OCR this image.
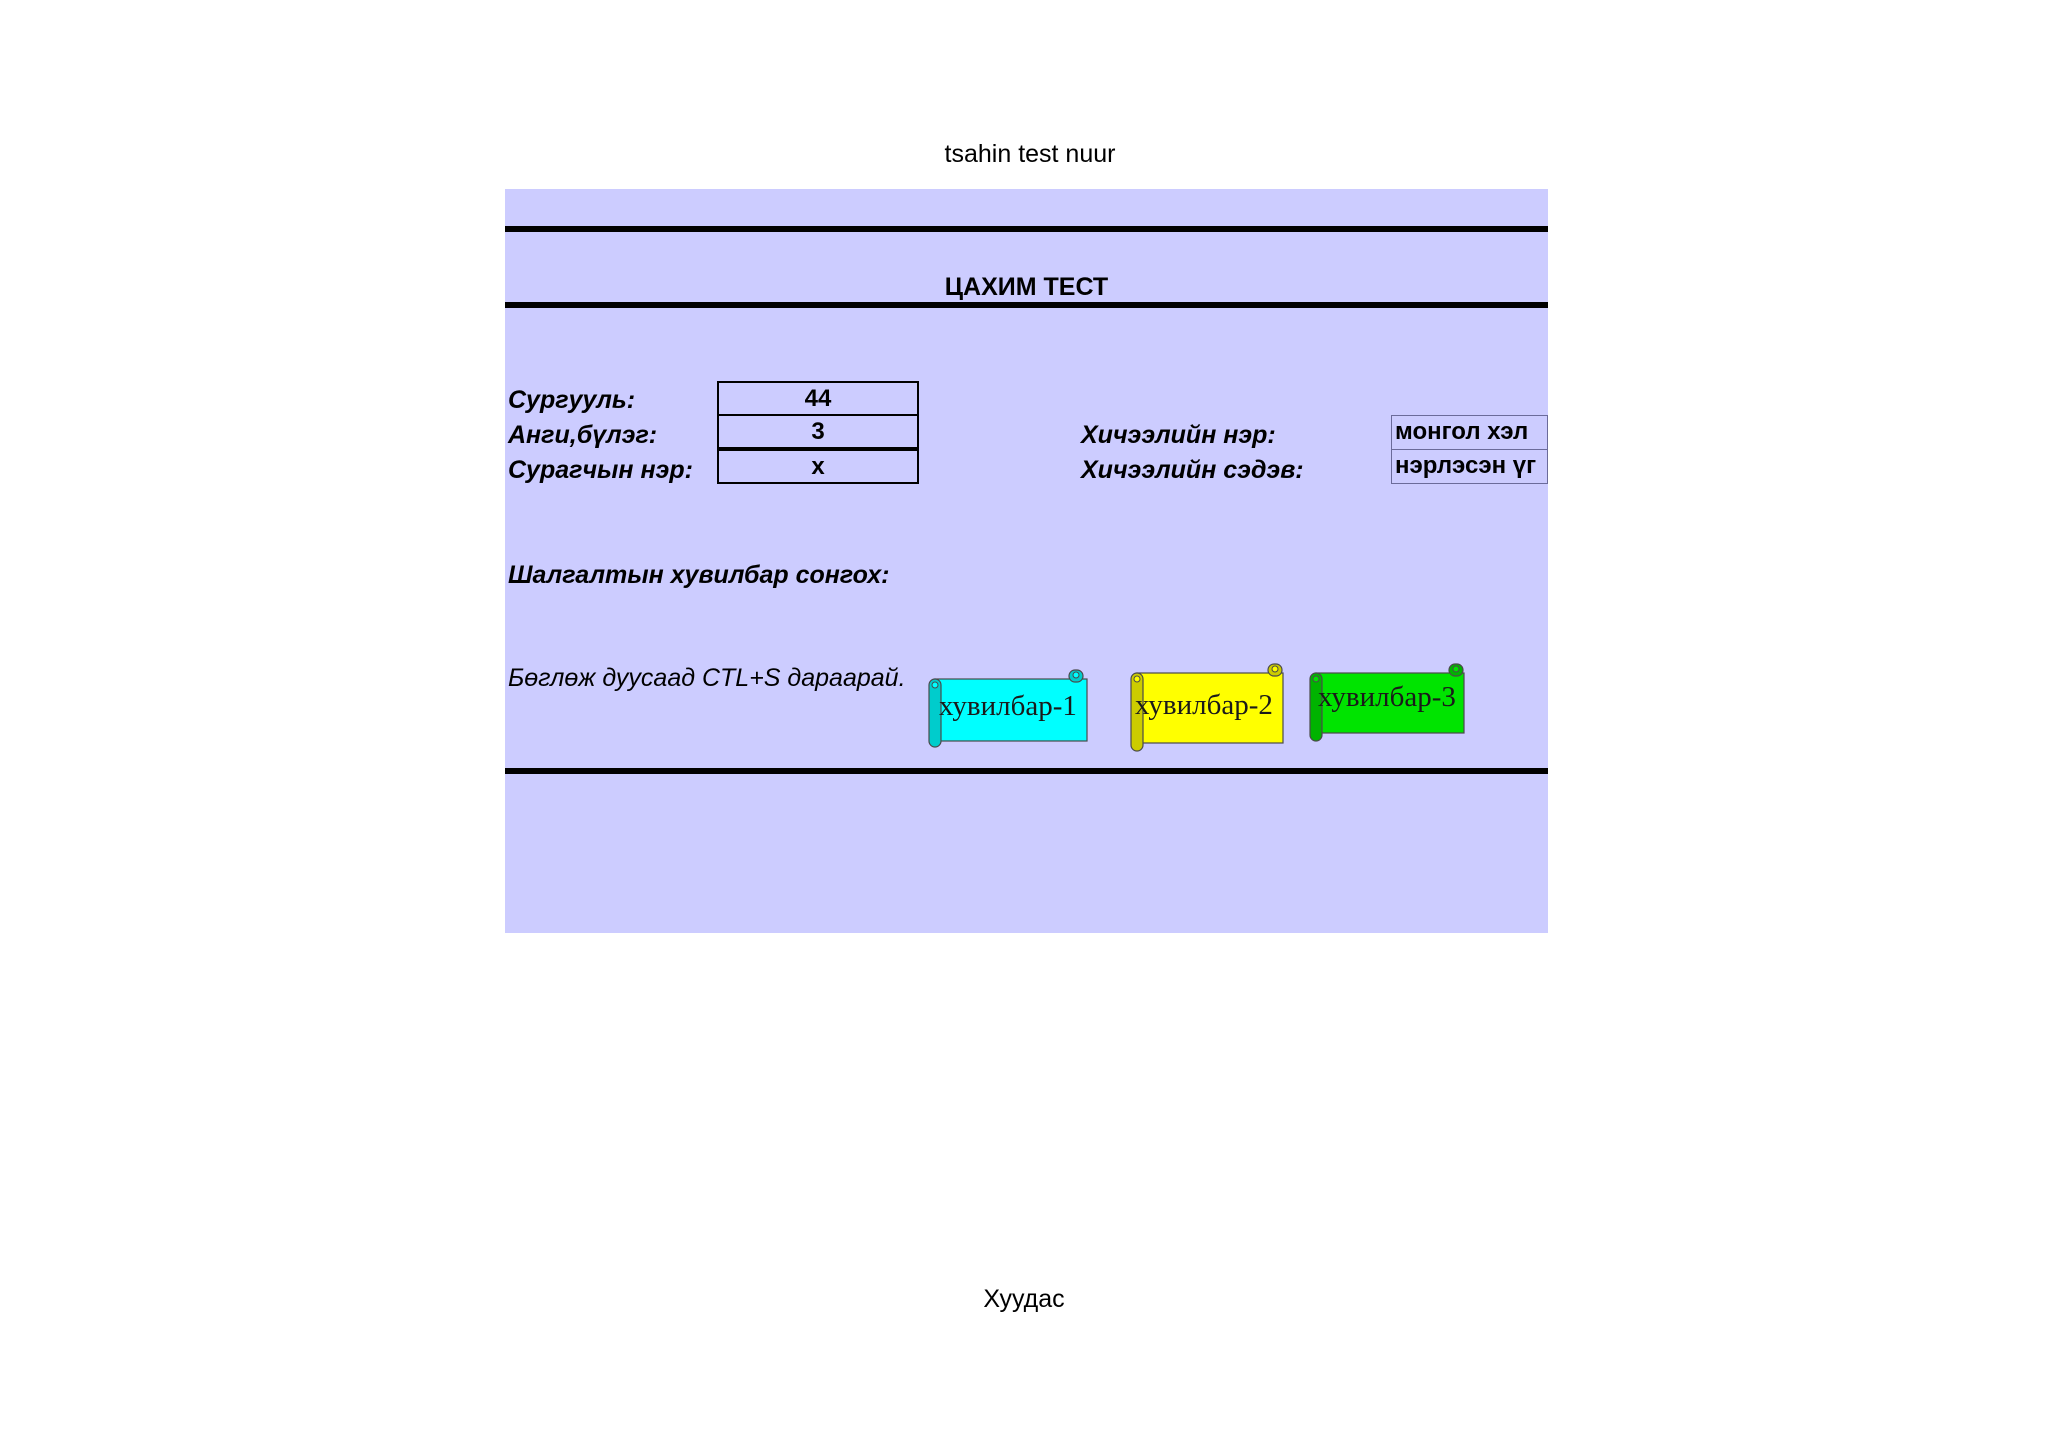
tsahin test nuur
ЦАХИМ ТЕСТ
Сургууль:	44
Анги,бүлэг:	3
Сурагчын нэр:	x
Хичээлийн нэр:	монгол хэл
Хичээлийн сэдэв:	нэрлэсэн үг
Шалгалтын хувилбар сонгох:
Бөглөж дуусаад CTL+S дараарай.
хувилбар-1 хувилбар-2 хувилбар-3
Хуудас
